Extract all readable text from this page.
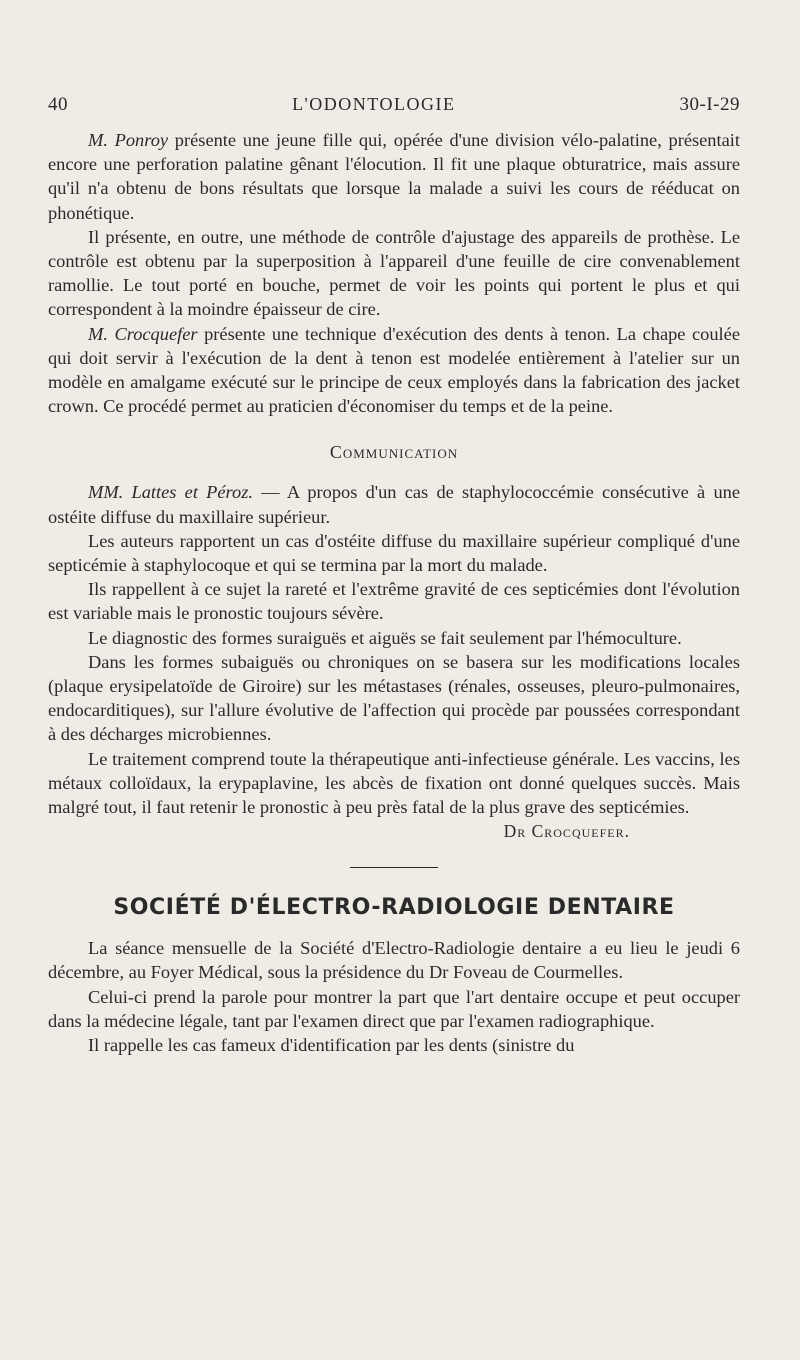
40	L'ODONTOLOGIE	30-I-29

M. Ponroy présente une jeune fille qui, opérée d'une division vélo-palatine, présentait encore une perforation palatine gênant l'élocution. Il fit une plaque obturatrice, mais assure qu'il n'a obtenu de bons résultats que lorsque la malade a suivi les cours de rééducat on phonétique.

Il présente, en outre, une méthode de contrôle d'ajustage des appareils de prothèse. Le contrôle est obtenu par la superposition à l'appareil d'une feuille de cire convenablement ramollie. Le tout porté en bouche, permet de voir les points qui portent le plus et qui correspondent à la moindre épaisseur de cire.

M. Crocquefer présente une technique d'exécution des dents à tenon. La chape coulée qui doit servir à l'exécution de la dent à tenon est modelée entièrement à l'atelier sur un modèle en amalgame exécuté sur le principe de ceux employés dans la fabrication des jacket crown. Ce procédé permet au praticien d'économiser du temps et de la peine.

Communication

MM. Lattes et Péroz. — A propos d'un cas de staphylococcémie consécutive à une ostéite diffuse du maxillaire supérieur.

Les auteurs rapportent un cas d'ostéite diffuse du maxillaire supérieur compliqué d'une septicémie à staphylocoque et qui se termina par la mort du malade.

Ils rappellent à ce sujet la rareté et l'extrême gravité de ces septicémies dont l'évolution est variable mais le pronostic toujours sévère.

Le diagnostic des formes suraiguës et aiguës se fait seulement par l'hémoculture.

Dans les formes subaiguës ou chroniques on se basera sur les modifications locales (plaque erysipelatoïde de Giroire) sur les métastases (rénales, osseuses, pleuro-pulmonaires, endocarditiques), sur l'allure évolutive de l'affection qui procède par poussées correspondant à des décharges microbiennes.

Le traitement comprend toute la thérapeutique anti-infectieuse générale. Les vaccins, les métaux colloïdaux, la erypaplavine, les abcès de fixation ont donné quelques succès. Mais malgré tout, il faut retenir le pronostic à peu près fatal de la plus grave des septicémies.

Dr Crocquefer.
SOCIÉTÉ D'ÉLECTRO-RADIOLOGIE DENTAIRE

La séance mensuelle de la Société d'Electro-Radiologie dentaire a eu lieu le jeudi 6 décembre, au Foyer Médical, sous la présidence du Dr Foveau de Courmelles.

Celui-ci prend la parole pour montrer la part que l'art dentaire occupe et peut occuper dans la médecine légale, tant par l'examen direct que par l'examen radiographique.

Il rappelle les cas fameux d'identification par les dents (sinistre du
